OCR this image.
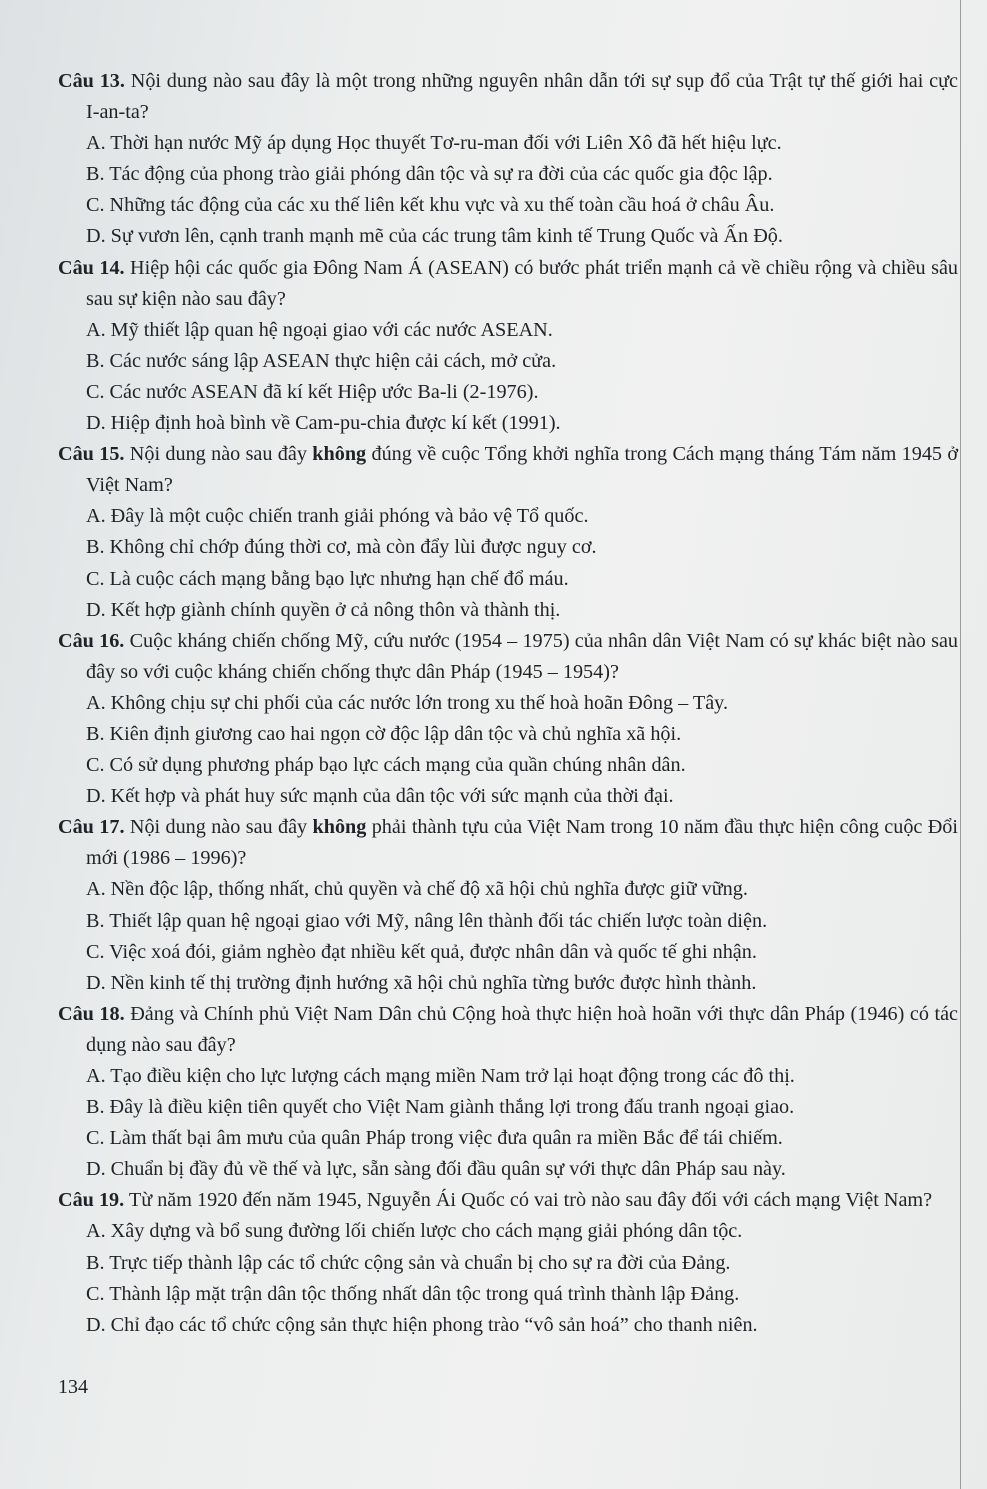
Câu 13. Nội dung nào sau đây là một trong những nguyên nhân dẫn tới sự sụp đổ của Trật tự thế giới hai cực I-an-ta?
A. Thời hạn nước Mỹ áp dụng Học thuyết Tơ-ru-man đối với Liên Xô đã hết hiệu lực.
B. Tác động của phong trào giải phóng dân tộc và sự ra đời của các quốc gia độc lập.
C. Những tác động của các xu thế liên kết khu vực và xu thế toàn cầu hoá ở châu Âu.
D. Sự vươn lên, cạnh tranh mạnh mẽ của các trung tâm kinh tế Trung Quốc và Ấn Độ.
Câu 14. Hiệp hội các quốc gia Đông Nam Á (ASEAN) có bước phát triển mạnh cả về chiều rộng và chiều sâu sau sự kiện nào sau đây?
A. Mỹ thiết lập quan hệ ngoại giao với các nước ASEAN.
B. Các nước sáng lập ASEAN thực hiện cải cách, mở cửa.
C. Các nước ASEAN đã kí kết Hiệp ước Ba-li (2-1976).
D. Hiệp định hoà bình về Cam-pu-chia được kí kết (1991).
Câu 15. Nội dung nào sau đây không đúng về cuộc Tổng khởi nghĩa trong Cách mạng tháng Tám năm 1945 ở Việt Nam?
A. Đây là một cuộc chiến tranh giải phóng và bảo vệ Tổ quốc.
B. Không chỉ chớp đúng thời cơ, mà còn đẩy lùi được nguy cơ.
C. Là cuộc cách mạng bằng bạo lực nhưng hạn chế đổ máu.
D. Kết hợp giành chính quyền ở cả nông thôn và thành thị.
Câu 16. Cuộc kháng chiến chống Mỹ, cứu nước (1954 – 1975) của nhân dân Việt Nam có sự khác biệt nào sau đây so với cuộc kháng chiến chống thực dân Pháp (1945 – 1954)?
A. Không chịu sự chi phối của các nước lớn trong xu thế hoà hoãn Đông – Tây.
B. Kiên định giương cao hai ngọn cờ độc lập dân tộc và chủ nghĩa xã hội.
C. Có sử dụng phương pháp bạo lực cách mạng của quần chúng nhân dân.
D. Kết hợp và phát huy sức mạnh của dân tộc với sức mạnh của thời đại.
Câu 17. Nội dung nào sau đây không phải thành tựu của Việt Nam trong 10 năm đầu thực hiện công cuộc Đổi mới (1986 – 1996)?
A. Nền độc lập, thống nhất, chủ quyền và chế độ xã hội chủ nghĩa được giữ vững.
B. Thiết lập quan hệ ngoại giao với Mỹ, nâng lên thành đối tác chiến lược toàn diện.
C. Việc xoá đói, giảm nghèo đạt nhiều kết quả, được nhân dân và quốc tế ghi nhận.
D. Nền kinh tế thị trường định hướng xã hội chủ nghĩa từng bước được hình thành.
Câu 18. Đảng và Chính phủ Việt Nam Dân chủ Cộng hoà thực hiện hoà hoãn với thực dân Pháp (1946) có tác dụng nào sau đây?
A. Tạo điều kiện cho lực lượng cách mạng miền Nam trở lại hoạt động trong các đô thị.
B. Đây là điều kiện tiên quyết cho Việt Nam giành thắng lợi trong đấu tranh ngoại giao.
C. Làm thất bại âm mưu của quân Pháp trong việc đưa quân ra miền Bắc để tái chiếm.
D. Chuẩn bị đầy đủ về thế và lực, sẵn sàng đối đầu quân sự với thực dân Pháp sau này.
Câu 19. Từ năm 1920 đến năm 1945, Nguyễn Ái Quốc có vai trò nào sau đây đối với cách mạng Việt Nam?
A. Xây dựng và bổ sung đường lối chiến lược cho cách mạng giải phóng dân tộc.
B. Trực tiếp thành lập các tổ chức cộng sản và chuẩn bị cho sự ra đời của Đảng.
C. Thành lập mặt trận dân tộc thống nhất dân tộc trong quá trình thành lập Đảng.
D. Chỉ đạo các tổ chức cộng sản thực hiện phong trào “vô sản hoá” cho thanh niên.
134
